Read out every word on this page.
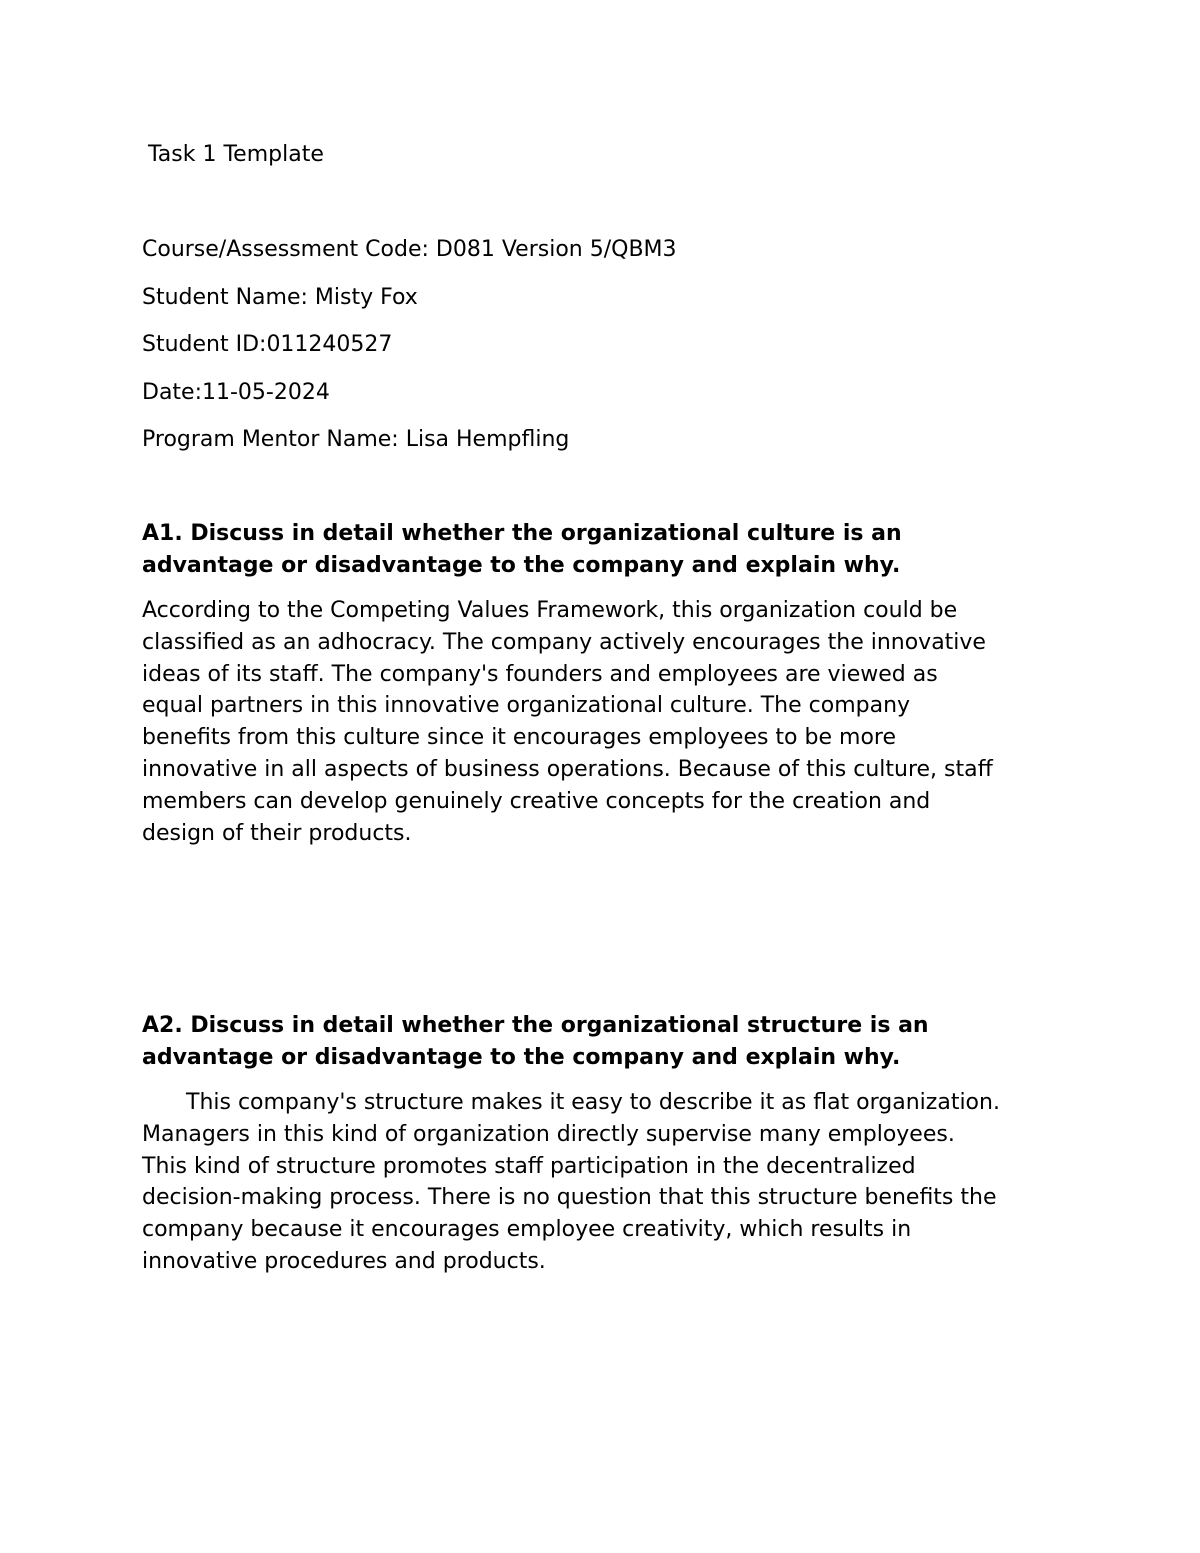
Task 1 Template
Course/Assessment Code: D081 Version 5/QBM3
Student Name: Misty Fox
Student ID:011240527
Date:11-05-2024
Program Mentor Name: Lisa Hempfling

A1. Discuss in detail whether the organizational culture is an
advantage or disadvantage to the company and explain why.

According to the Competing Values Framework, this organization could be
classified as an adhocracy. The company actively encourages the innovative
ideas of its staff. The company's founders and employees are viewed as
equal partners in this innovative organizational culture. The company
benefits from this culture since it encourages employees to be more
innovative in all aspects of business operations. Because of this culture, staff
members can develop genuinely creative concepts for the creation and
design of their products.

A2. Discuss in detail whether the organizational structure is an
advantage or disadvantage to the company and explain why.

This company's structure makes it easy to describe it as flat organization.
Managers in this kind of organization directly supervise many employees.
This kind of structure promotes staff participation in the decentralized
decision-making process. There is no question that this structure benefits the
company because it encourages employee creativity, which results in
innovative procedures and products.
